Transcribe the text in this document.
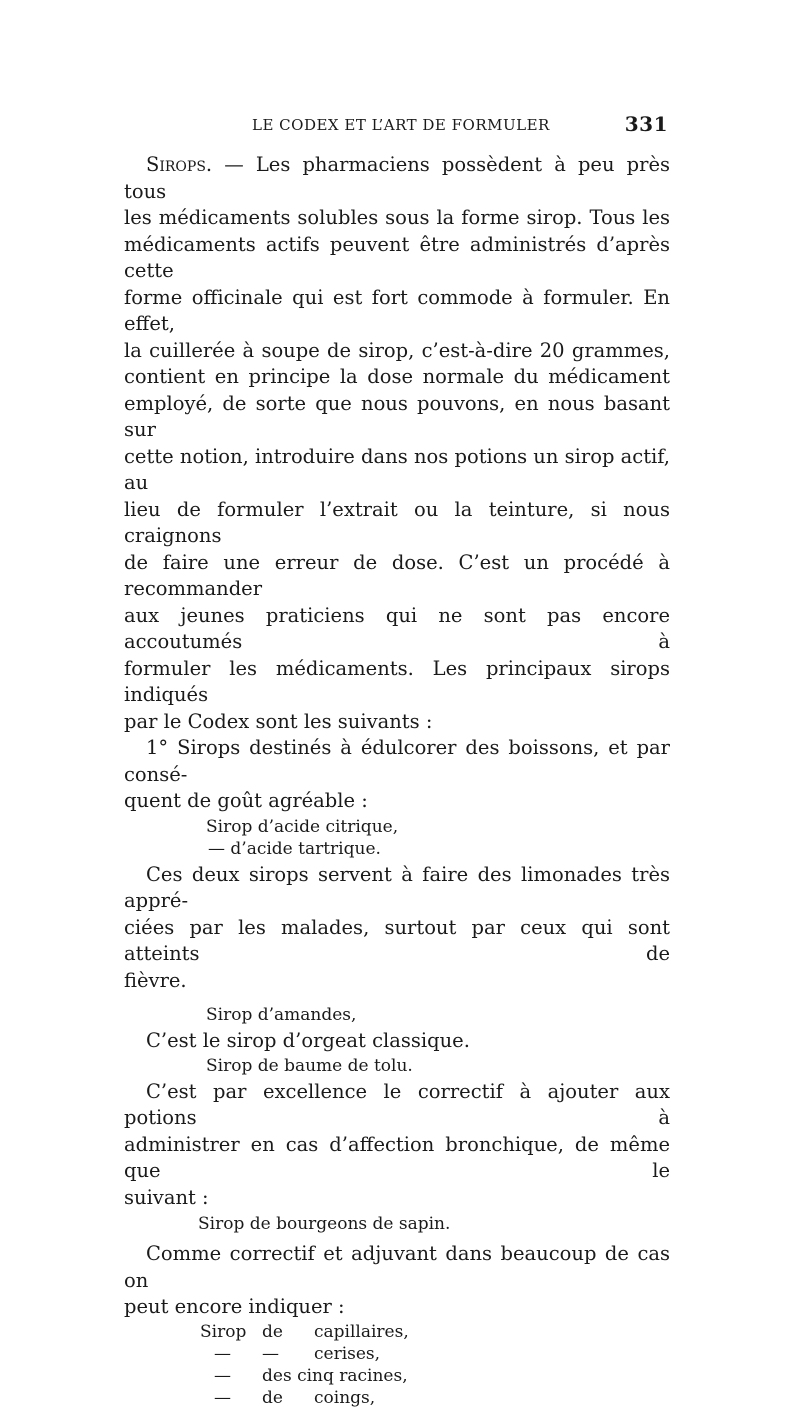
LE CODEX ET L’ART DE FORMULER	331

Sirops. — Les pharmaciens possèdent à peu près tous

les médicaments solubles sous la forme sirop. Tous les

médicaments actifs peuvent être administrés d’après cette

forme officinale qui est fort commode à formuler. En effet,

la cuillerée à soupe de sirop, c’est-à-dire 20 grammes,

contient en principe la dose normale du médicament

employé, de sorte que nous pouvons, en nous basant sur

cette notion, introduire dans nos potions un sirop actif, au

lieu de formuler l’extrait ou la teinture, si nous craignons

de faire une erreur de dose. C’est un procédé à recommander

aux jeunes praticiens qui ne sont pas encore accoutumés à

formuler les médicaments. Les principaux sirops indiqués

par le Codex sont les suivants :

1° Sirops destinés à édulcorer des boissons, et par consé-

quent de goût agréable :

Sirop d’acide citrique,

— d’acide tartrique.

Ces deux sirops servent à faire des limonades très appré-

ciées par les malades, surtout par ceux qui sont atteints de

fièvre.

Sirop d’amandes,

C’est le sirop d’orgeat classique.

Sirop de baume de tolu.

C’est par excellence le correctif à ajouter aux potions à

administrer en cas d’affection bronchique, de même que le

suivant :

Sirop de bourgeons de sapin.

Comme correctif et adjuvant dans beaucoup de cas on

peut encore indiquer :

Sirop de	capillaires,
—	—	cerises,
—	des cinq racines,
—	de	coings,
